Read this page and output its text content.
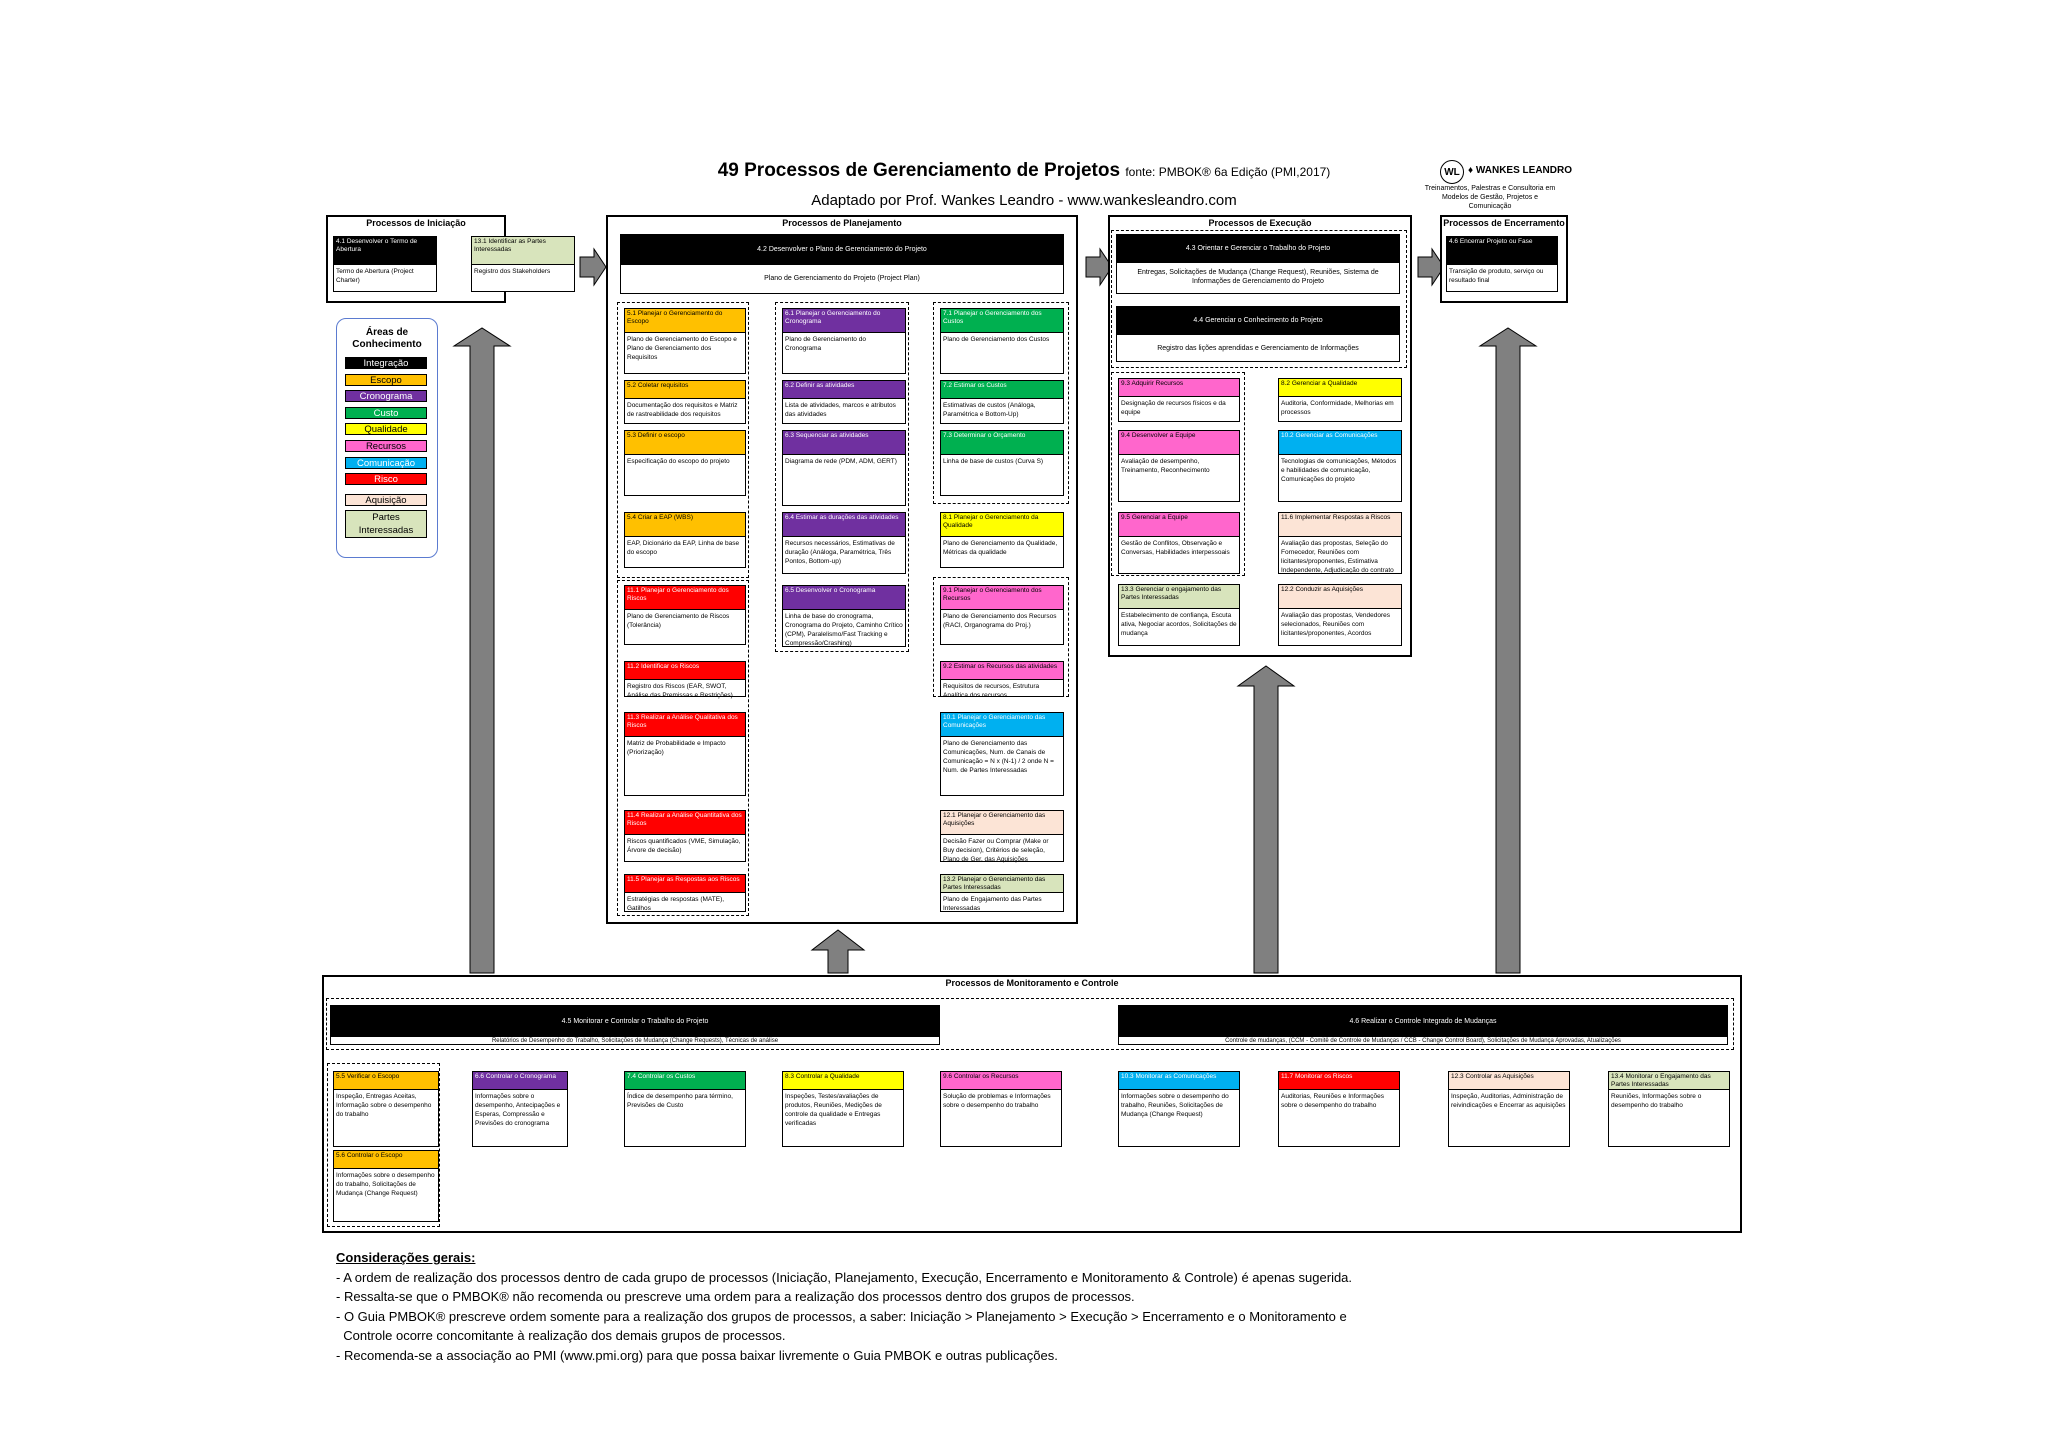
49 Processos de Gerenciamento de Projetos fonte: PMBOK® 6a Edição (PMI,2017)
Adaptado por Prof. Wankes Leandro - www.wankesleandro.com
WL ♦ WANKES LEANDRO
Treinamentos, Palestras e Consultoria em Modelos de Gestão, Projetos e Comunicação
Processos de Iniciação	Processos de Planejamento	Processos de Execução	Processos de Encerramento
Processos de Monitoramento e Controle
4.2 Desenvolver o Plano de Gerenciamento do Projeto
Plano de Gerenciamento do Projeto (Project Plan)
4.3 Orientar e Gerenciar o Trabalho do Projeto
Entregas, Solicitações de Mudança (Change Request), Reuniões, Sistema de Informações de Gerenciamento do Projeto
4.4 Gerenciar o Conhecimento do Projeto
Registro das lições aprendidas e Gerenciamento de Informações
4.5 Monitorar e Controlar o Trabalho do Projeto
Relatórios de Desempenho do Trabalho, Solicitações de Mudança (Change Requests), Técnicas de análise
4.6 Realizar o Controle Integrado de Mudanças
Controle de mudanças, (CCM - Comitê de Controle de Mudanças / CCB - Change Control Board), Solicitações de Mudança Aprovadas, Atualizações
4.1 Desenvolver o Termo de Abertura
Termo de Abertura (Project Charter)
13.1 Identificar as Partes Interessadas
Registro dos Stakeholders
5.1 Planejar o Gerenciamento do Escopo
Plano de Gerenciamento do Escopo e Plano de Gerenciamento dos Requisitos
5.2 Coletar requisitos
Documentação dos requisitos e Matriz de rastreabilidade dos requisitos
5.3 Definir o escopo
Especificação do escopo do projeto
5.4 Criar a EAP (WBS)
EAP, Dicionário da EAP, Linha de base do escopo
11.1 Planejar o Gerenciamento dos Riscos
Plano de Gerenciamento de Riscos (Tolerância)
11.2 Identificar os Riscos
Registro dos Riscos (EAR, SWOT, Análise das Premissas e Restrições)
11.3 Realizar a Análise Qualitativa dos Riscos
Matriz de Probabilidade e Impacto (Priorização)
11.4 Realizar a Análise Quantitativa dos Riscos
Riscos quantificados (VME, Simulação, Árvore de decisão)
11.5 Planejar as Respostas aos Riscos
Estratégias de respostas (MATE), Gatilhos
6.1 Planejar o Gerenciamento do Cronograma
Plano de Gerenciamento do Cronograma
6.2 Definir as atividades
Lista de atividades, marcos e atributos das atividades
6.3 Sequenciar as atividades
Diagrama de rede (PDM, ADM, GERT)
6.4 Estimar as durações das atividades
Recursos necessários, Estimativas de duração (Análoga, Paramétrica, Três Pontos, Bottom-up)
6.5 Desenvolver o Cronograma
Linha de base do cronograma, Cronograma do Projeto, Caminho Crítico (CPM), Paralelismo/Fast Tracking e Compressão/Crashing)
7.1 Planejar o Gerenciamento dos Custos
Plano de Gerenciamento dos Custos
7.2 Estimar os Custos
Estimativas de custos (Análoga, Paramétrica e Bottom-Up)
7.3 Determinar o Orçamento
Linha de base de custos (Curva S)
8.1 Planejar o Gerenciamento da Qualidade
Plano de Gerenciamento da Qualidade, Métricas da qualidade
9.1 Planejar o Gerenciamento dos Recursos
Plano de Gerenciamento dos Recursos (RACI, Organograma do Proj.)
9.2 Estimar os Recursos das atividades
Requisitos de recursos, Estrutura Analítica dos recursos
10.1 Planejar o Gerenciamento das Comunicações
Plano de Gerenciamento das Comunicações, Num. de Canais de Comunicação = N x (N-1) / 2 onde N = Num. de Partes Interessadas
12.1 Planejar o Gerenciamento das Aquisições
Decisão Fazer ou Comprar (Make or Buy decision), Critérios de seleção, Plano de Ger. das Aquisições
13.2 Planejar o Gerenciamento das Partes Interessadas
Plano de Engajamento das Partes Interessadas
9.3 Adquirir Recursos
Designação de recursos físicos e da equipe
9.4 Desenvolver a Equipe
Avaliação de desempenho, Treinamento, Reconhecimento
9.5 Gerenciar a Equipe
Gestão de Conflitos, Observação e Conversas, Habilidades interpessoais
13.3 Gerenciar o engajamento das Partes Interessadas
Estabelecimento de confiança, Escuta ativa, Negociar acordos, Solicitações de mudança
8.2 Gerenciar a Qualidade
Auditoria, Conformidade, Melhorias em processos
10.2 Gerenciar as Comunicações
Tecnologias de comunicações, Métodos e habilidades de comunicação, Comunicações do projeto
11.6 Implementar Respostas a Riscos
Avaliação das propostas, Seleção do Fornecedor, Reuniões com licitantes/proponentes, Estimativa Independente, Adjudicação do contrato
12.2 Conduzir as Aquisições
Avaliação das propostas, Vendedores selecionados, Reuniões com licitantes/proponentes, Acordos
4.6 Encerrar Projeto ou Fase
Transição de produto, serviço ou resultado final
5.5 Verificar o Escopo
Inspeção, Entregas Aceitas, Informação sobre o desempenho do trabalho
6.6 Controlar o Cronograma
Informações sobre o desempenho, Antecipações e Esperas, Compressão e Previsões do cronograma
7.4 Controlar os Custos
Índice de desempenho para término, Previsões de Custo
8.3 Controlar a Qualidade
Inspeções, Testes/avaliações de produtos, Reuniões, Medições de controle da qualidade e Entregas verificadas
9.6 Controlar os Recursos
Solução de problemas e Informações sobre o desempenho do trabalho
10.3 Monitorar as Comunicações
Informações sobre o desempenho do trabalho, Reuniões, Solicitações de Mudança (Change Request)
11.7 Monitorar os Riscos
Auditorias, Reuniões e Informações sobre o desempenho do trabalho
12.3 Controlar as Aquisições
Inspeção, Auditorias, Administração de reivindicações e Encerrar as aquisições
13.4 Monitorar o Engajamento das Partes Interessadas
Reuniões, Informações sobre o desempenho do trabalho
5.6 Controlar o Escopo
Informações sobre o desempenho do trabalho, Solicitações de Mudança (Change Request)
Áreas de Conhecimento
Integração
Escopo
Cronograma
Custo
Qualidade
Recursos
Comunicação
Risco
Aquisição
Partes Interessadas
Considerações gerais:
- A ordem de realização dos processos dentro de cada grupo de processos (Iniciação, Planejamento, Execução, Encerramento e Monitoramento & Controle) é apenas sugerida.
- Ressalta-se que o PMBOK® não recomenda ou prescreve uma ordem para a realização dos processos dentro dos grupos de processos.
- O Guia PMBOK® prescreve ordem somente para a realização dos grupos de processos, a saber: Iniciação > Planejamento > Execução > Encerramento e o Monitoramento e
Controle ocorre concomitante à realização dos demais grupos de processos.
- Recomenda-se a associação ao PMI (www.pmi.org) para que possa baixar livremente o Guia PMBOK e outras publicações.
